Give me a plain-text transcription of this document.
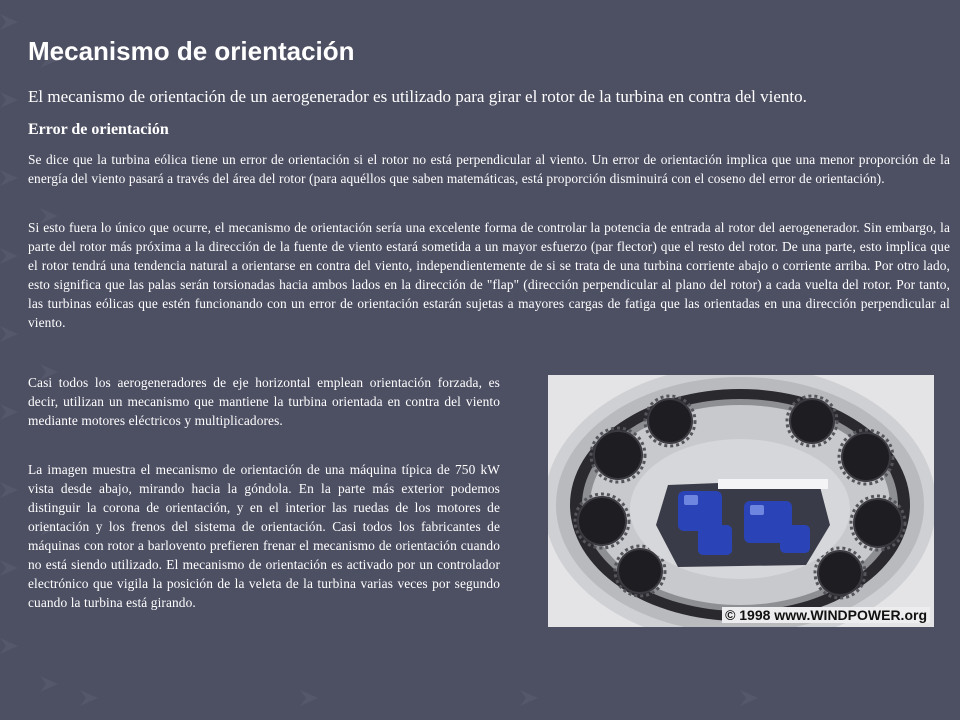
Mecanismo de orientación

El mecanismo de orientación de un aerogenerador es utilizado para girar el rotor de la turbina en contra del viento.

Error de orientación

Se dice que la turbina eólica tiene un error de orientación si el rotor no está perpendicular al viento. Un error de orientación implica que una menor proporción de la energía del viento pasará a través del área del rotor (para aquéllos que saben matemáticas, está proporción disminuirá con el coseno del error de orientación).

Si esto fuera lo único que ocurre, el mecanismo de orientación sería una excelente forma de controlar la potencia de entrada al rotor del aerogenerador. Sin embargo, la parte del rotor más próxima a la dirección de la fuente de viento estará sometida a un mayor esfuerzo (par flector) que el resto del rotor. De una parte, esto implica que el rotor tendrá una tendencia natural a orientarse en contra del viento, independientemente de si se trata de una turbina corriente abajo o corriente arriba. Por otro lado, esto significa que las palas serán torsionadas hacia ambos lados en la dirección de "flap" (dirección perpendicular al plano del rotor) a cada vuelta del rotor. Por tanto, las turbinas eólicas que estén funcionando con un error de orientación estarán sujetas a mayores cargas de fatiga que las orientadas en una dirección perpendicular al viento.

Casi todos los aerogeneradores de eje horizontal emplean orientación forzada, es decir, utilizan un mecanismo que mantiene la turbina orientada en contra del viento mediante motores eléctricos y multiplicadores.

La imagen muestra el mecanismo de orientación de una máquina típica de 750 kW vista desde abajo, mirando hacia la góndola. En la parte más exterior podemos distinguir la corona de orientación, y en el interior las ruedas de los motores de orientación y los frenos del sistema de orientación. Casi todos los fabricantes de máquinas con rotor a barlovento prefieren frenar el mecanismo de orientación cuando no está siendo utilizado. El mecanismo de orientación es activado por un controlador electrónico que vigila la posición de la veleta de la turbina varias veces por segundo cuando la turbina está girando.

© 1998 www.WINDPOWER.org
